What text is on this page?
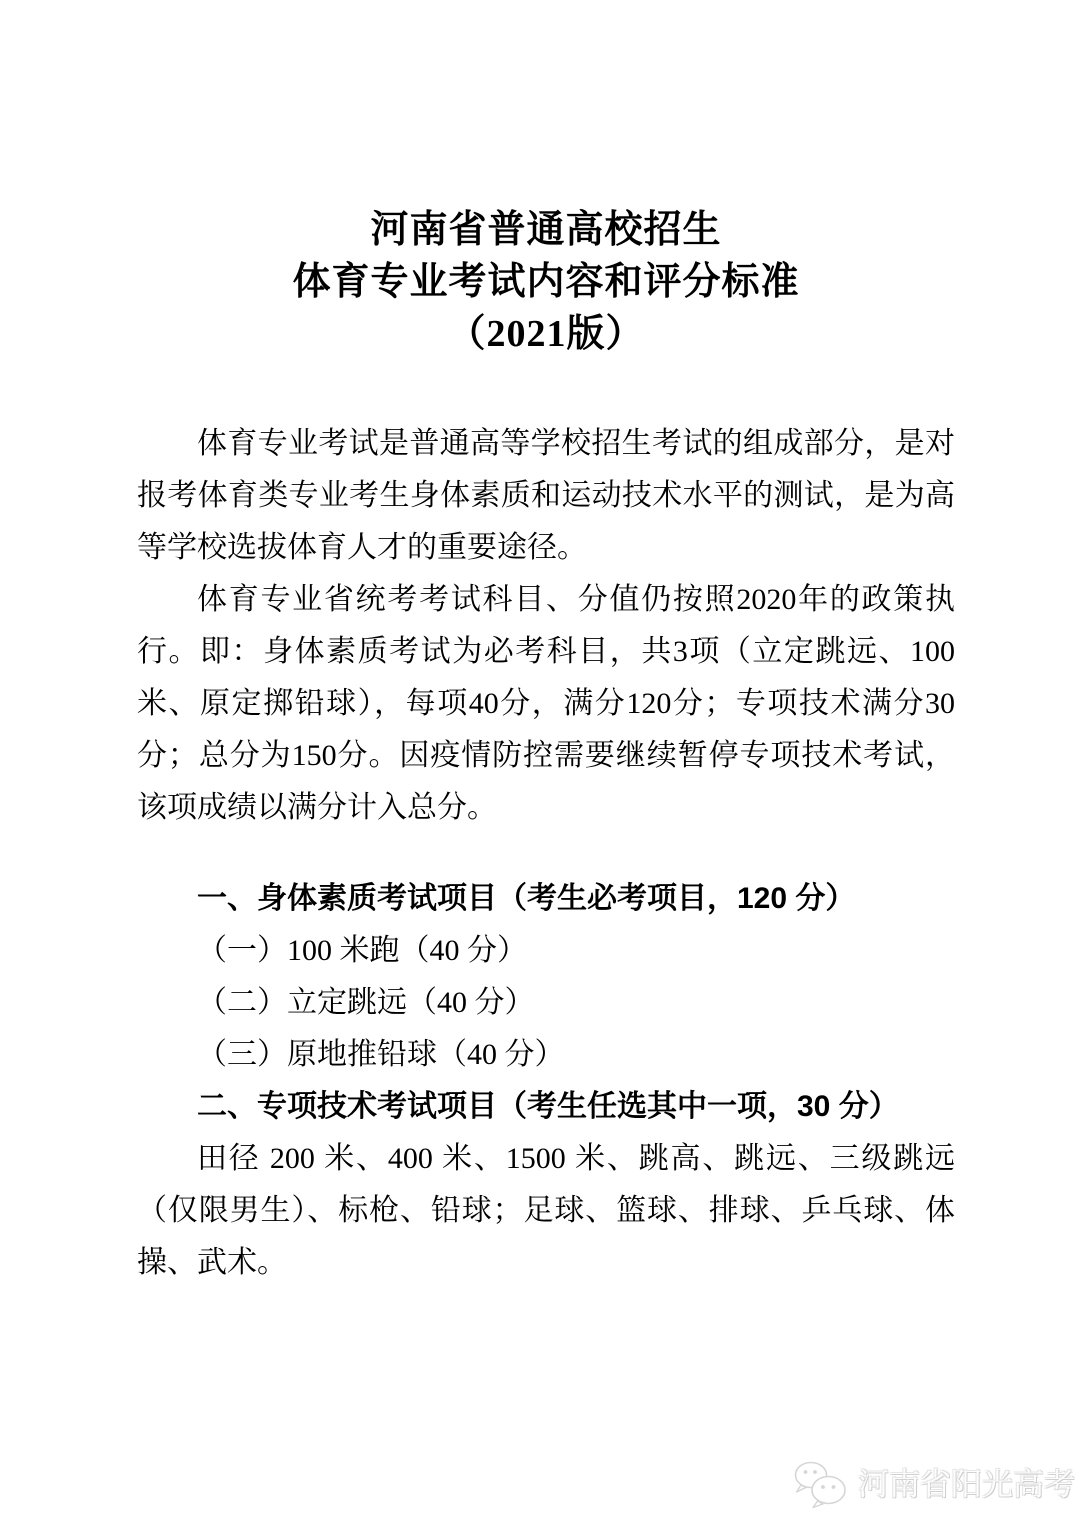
河南省普通高校招生
体育专业考试内容和评分标准
（2021版）

体育专业考试是普通高等学校招生考试的组成部分，是对报考体育类专业考生身体素质和运动技术水平的测试，是为高等学校选拔体育人才的重要途径。

体育专业省统考考试科目、分值仍按照2020年的政策执行。即：身体素质考试为必考科目，共3项（立定跳远、100米、原定掷铅球），每项40分，满分120分；专项技术满分30分；总分为150分。因疫情防控需要继续暂停专项技术考试，该项成绩以满分计入总分。

一、身体素质考试项目（考生必考项目，120 分）
（一）100 米跑（40 分）
（二）立定跳远（40 分）
（三）原地推铅球（40 分）
二、专项技术考试项目（考生任选其中一项，30 分）

田径 200 米、400 米、1500 米、跳高、跳远、三级跳远（仅限男生）、标枪、铅球；足球、篮球、排球、乒乓球、体操、武术。

河南省阳光高考
